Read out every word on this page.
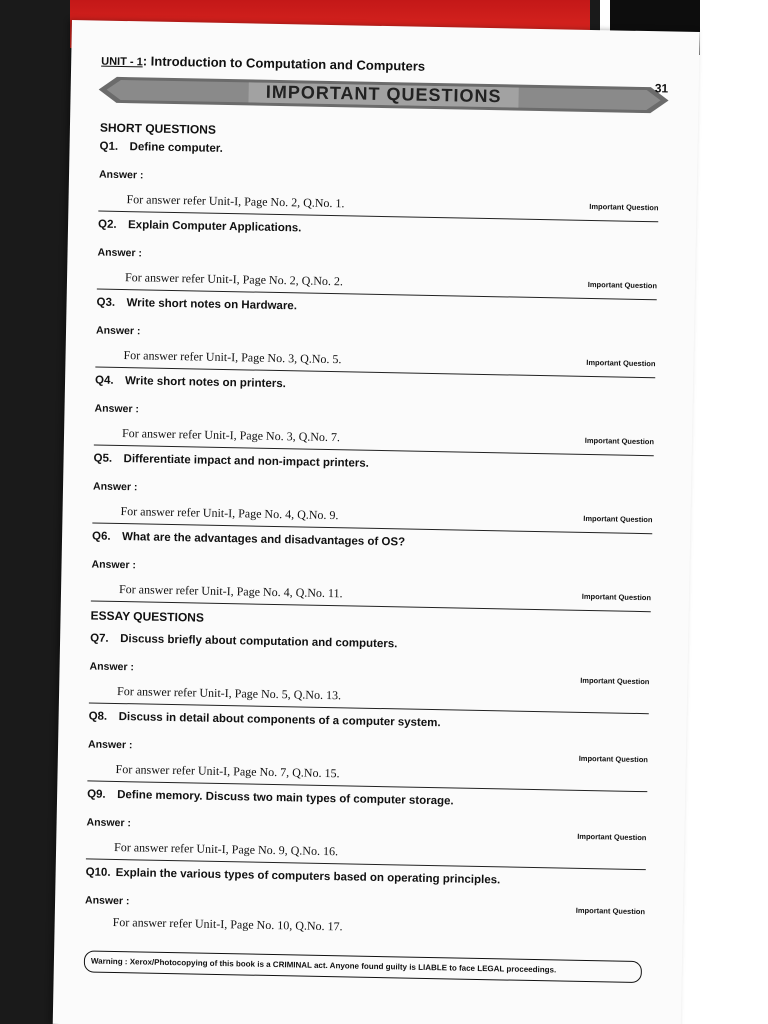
UNIT - 1: Introduction to Computation and Computers
IMPORTANT QUESTIONS	31
SHORT QUESTIONS
Q1. Define computer.
Answer :
For answer refer Unit-I, Page No. 2, Q.No. 1.	Important Question
Q2. Explain Computer Applications.
Answer :
For answer refer Unit-I, Page No. 2, Q.No. 2.	Important Question
Q3. Write short notes on Hardware.
Answer :
For answer refer Unit-I, Page No. 3, Q.No. 5.	Important Question
Q4. Write short notes on printers.
Answer :
For answer refer Unit-I, Page No. 3, Q.No. 7.	Important Question
Q5. Differentiate impact and non-impact printers.
Answer :
For answer refer Unit-I, Page No. 4, Q.No. 9.	Important Question
Q6. What are the advantages and disadvantages of OS?
Answer :
For answer refer Unit-I, Page No. 4, Q.No. 11.	Important Question
ESSAY QUESTIONS
Q7. Discuss briefly about computation and computers.
Answer :
For answer refer Unit-I, Page No. 5, Q.No. 13.
Important Question
Q8. Discuss in detail about components of a computer system.
Answer :
For answer refer Unit-I, Page No. 7, Q.No. 15.
Important Question
Q9. Define memory. Discuss two main types of computer storage.
Answer :
For answer refer Unit-I, Page No. 9, Q.No. 16.
Important Question
Q10. Explain the various types of computers based on operating principles.
Answer :
For answer refer Unit-I, Page No. 10, Q.No. 17.
Important Question
Warning : Xerox/Photocopying of this book is a CRIMINAL act. Anyone found guilty is LIABLE to face LEGAL proceedings.
